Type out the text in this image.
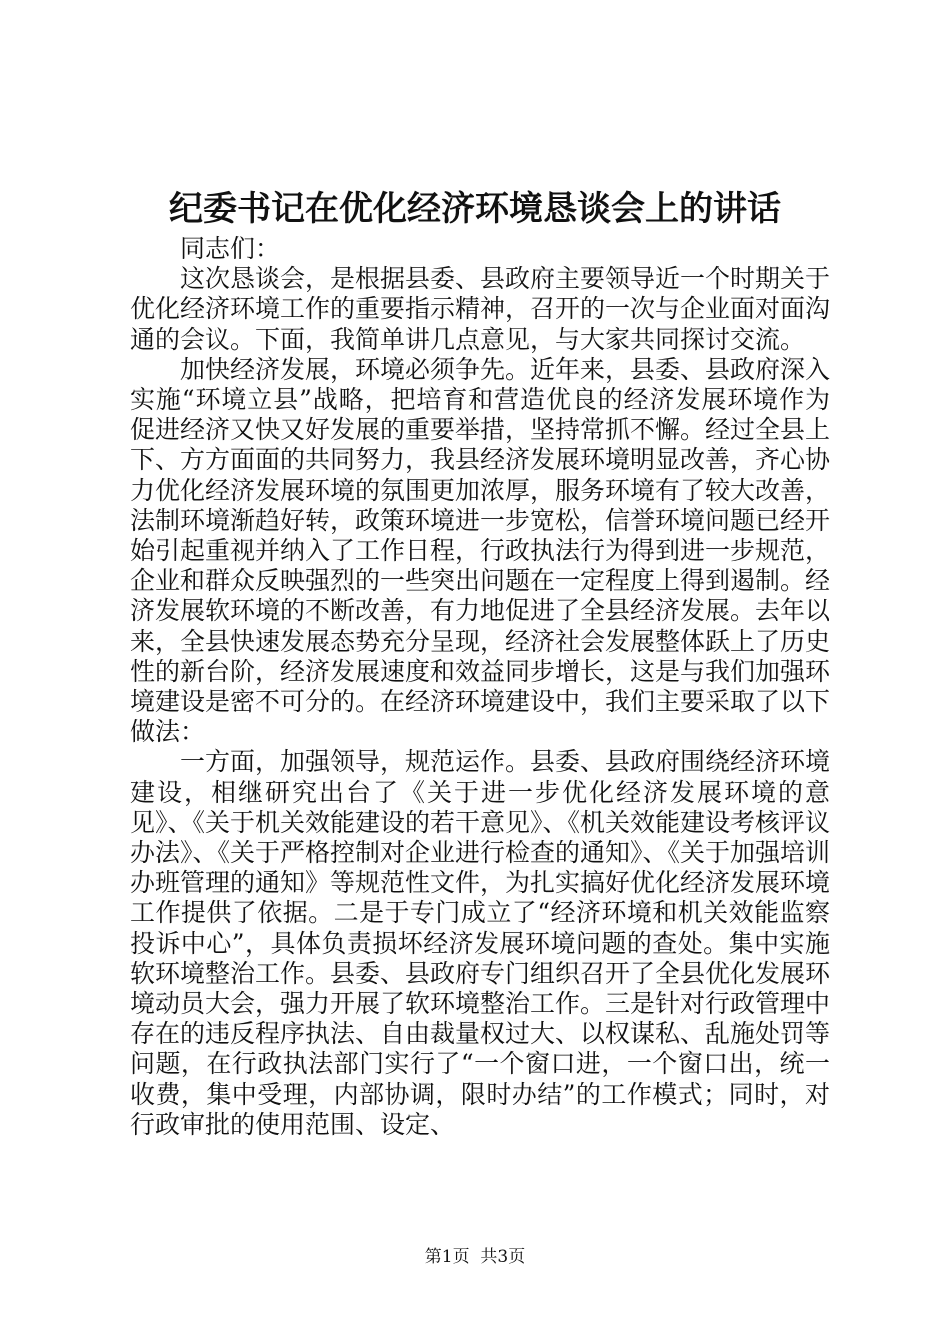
纪委书记在优化经济环境恳谈会上的讲话

同志们：

这次恳谈会，是根据县委、县政府主要领导近一个时期关于优化经济环境工作的重要指示精神，召开的一次与企业面对面沟通的会议。下面，我简单讲几点意见，与大家共同探讨交流。

加快经济发展，环境必须争先。近年来，县委、县政府深入实施“环境立县”战略，把培育和营造优良的经济发展环境作为促进经济又快又好发展的重要举措，坚持常抓不懈。经过全县上下、方方面面的共同努力，我县经济发展环境明显改善，齐心协力优化经济发展环境的氛围更加浓厚，服务环境有了较大改善，法制环境渐趋好转，政策环境进一步宽松，信誉环境问题已经开始引起重视并纳入了工作日程，行政执法行为得到进一步规范，企业和群众反映强烈的一些突出问题在一定程度上得到遏制。经济发展软环境的不断改善，有力地促进了全县经济发展。去年以来，全县快速发展态势充分呈现，经济社会发展整体跃上了历史性的新台阶，经济发展速度和效益同步增长，这是与我们加强环境建设是密不可分的。在经济环境建设中，我们主要采取了以下做法：

一方面，加强领导，规范运作。县委、县政府围绕经济环境建设，相继研究出台了《关于进一步优化经济发展环境的意见》、《关于机关效能建设的若干意见》、《机关效能建设考核评议办法》、《关于严格控制对企业进行检查的通知》、《关于加强培训办班管理的通知》等规范性文件，为扎实搞好优化经济发展环境工作提供了依据。二是于专门成立了“经济环境和机关效能监察投诉中心”，具体负责损坏经济发展环境问题的查处。集中实施软环境整治工作。县委、县政府专门组织召开了全县优化发展环境动员大会，强力开展了软环境整治工作。三是针对行政管理中存在的违反程序执法、自由裁量权过大、以权谋私、乱施处罚等问题，在行政执法部门实行了“一个窗口进，一个窗口出，统一收费，集中受理，内部协调，限时办结”的工作模式；同时，对行政审批的使用范围、设定、

第1页  共3页
